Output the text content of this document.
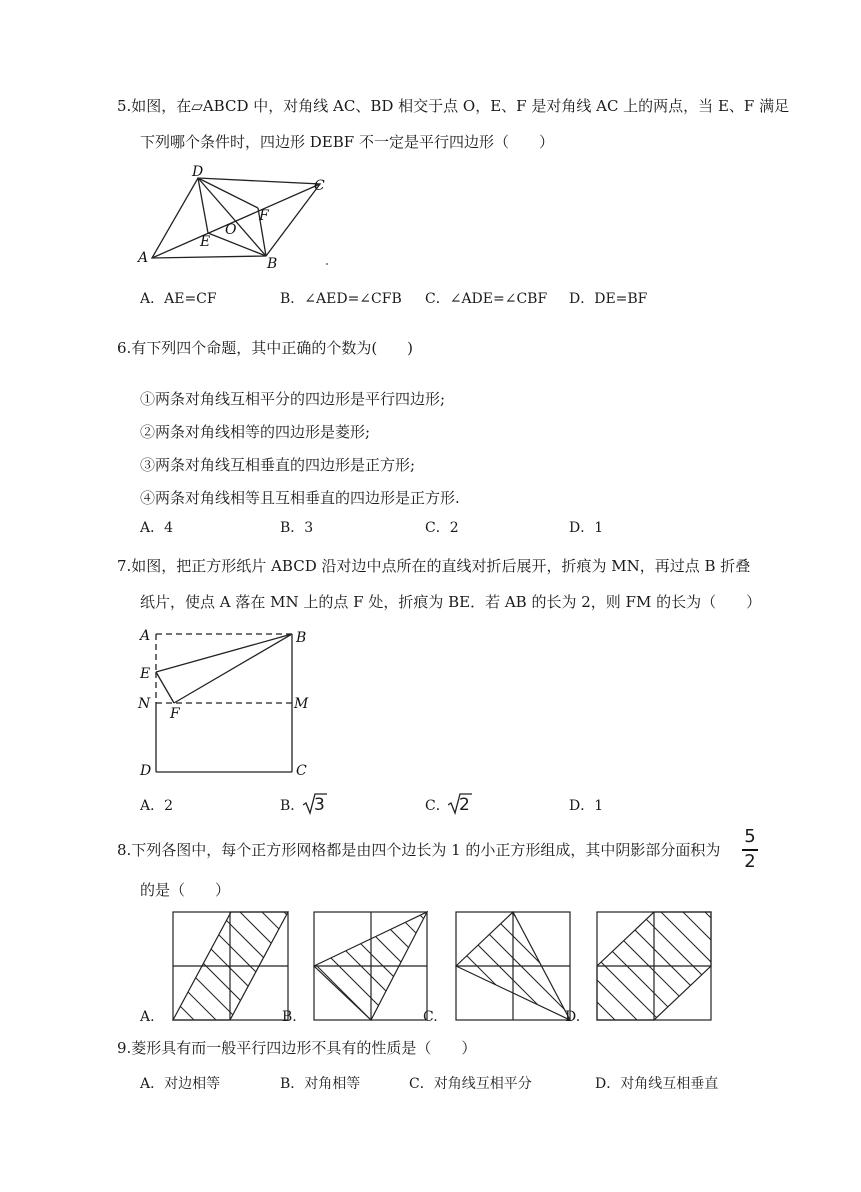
5.如图，在▱ABCD 中，对角线 AC、BD 相交于点 O，E、F 是对角线 AC 上的两点，当 E、F 满足
下列哪个条件时，四边形 DEBF 不一定是平行四边形（　　）
A
D
C
B
E
O
F
A．AE=CF	B．∠AED=∠CFB C．∠ADE=∠CBF D．DE=BF
6.有下列四个命题，其中正确的个数为(　　)
①两条对角线互相平分的四边形是平行四边形;
②两条对角线相等的四边形是菱形;
③两条对角线互相垂直的四边形是正方形;
④两条对角线相等且互相垂直的四边形是正方形.
A．4	B．3	C．2	D．1
7.如图，把正方形纸片 ABCD 沿对边中点所在的直线对折后展开，折痕为 MN，再过点 B 折叠
纸片，使点 A 落在 MN 上的点 F 处，折痕为 BE．若 AB 的长为 2，则 FM 的长为（　　）
A	B
E
N
F
M
D	C
A．2	B． 3	C． 2	D．1
8.下列各图中，每个正方形网格都是由四个边长为 1 的小正方形组成，其中阴影部分面积为
5
2
的是（　　）
A.	B.	C.	D.
9.菱形具有而一般平行四边形不具有的性质是（　　）
A．对边相等	B．对角相等	C．对角线互相平分	D．对角线互相垂直
